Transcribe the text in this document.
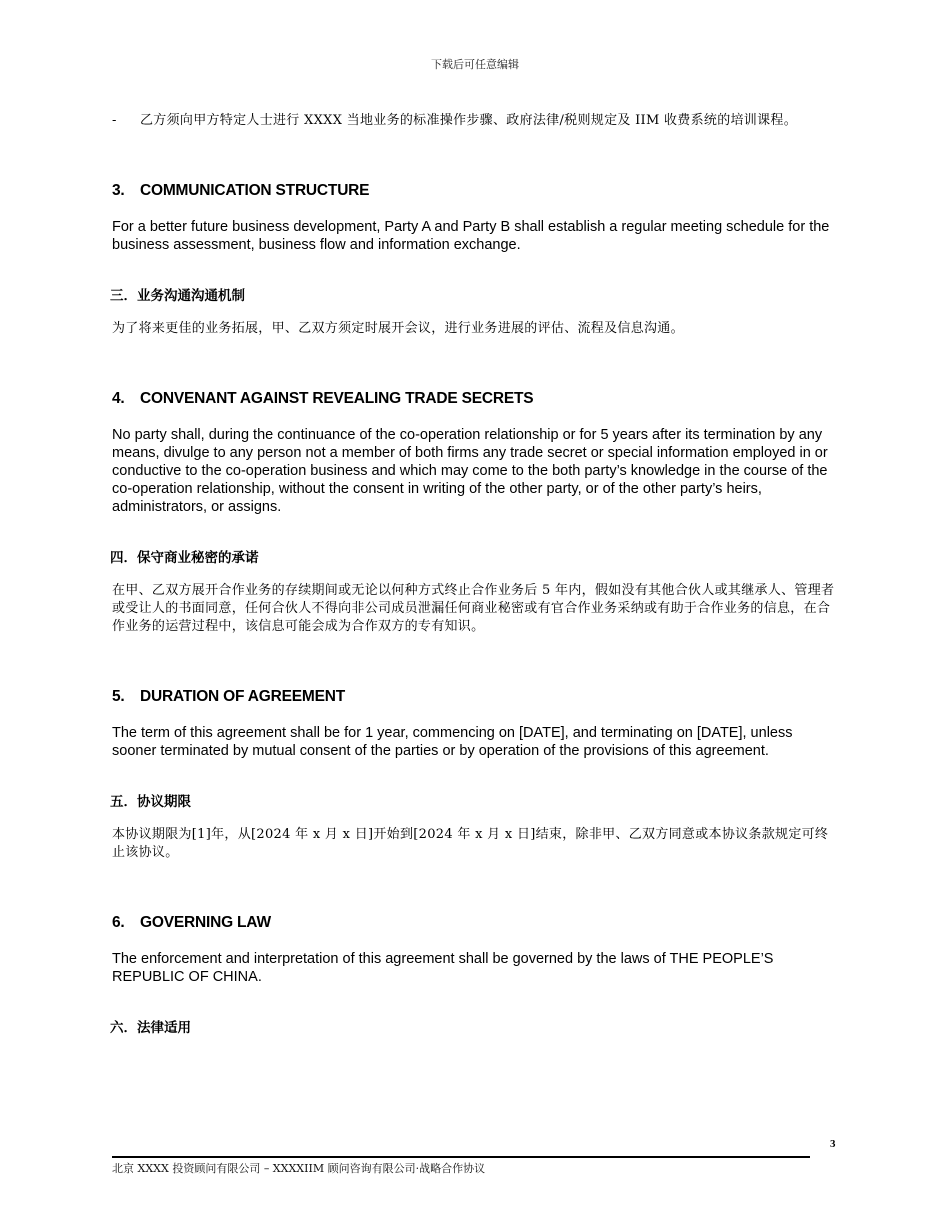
下载后可任意编辑
-	乙方须向甲方特定人士进行 XXXX 当地业务的标准操作步骤、政府法律/税则规定及 IIM 收费系统的培训课程。
3. COMMUNICATION STRUCTURE

For a better future business development, Party A and Party B shall establish a regular meeting schedule for the business assessment, business flow and information exchange.

三．业务沟通沟通机制

为了将来更佳的业务拓展，甲、乙双方须定时展开会议，进行业务进展的评估、流程及信息沟通。

4. CONVENANT AGAINST REVEALING TRADE SECRETS

No party shall, during the continuance of the co-operation relationship or for 5 years after its termination by any means, divulge to any person not a member of both firms any trade secret or special information employed in or conductive to the co-operation business and which may come to the both party’s knowledge in the course of the co-operation relationship, without the consent in writing of the other party, or of the other party’s heirs, administrators, or assigns.

四．保守商业秘密的承诺

在甲、乙双方展开合作业务的存续期间或无论以何种方式终止合作业务后 5 年内，假如没有其他合伙人或其继承人、管理者或受让人的书面同意，任何合伙人不得向非公司成员泄漏任何商业秘密或有官合作业务采纳或有助于合作业务的信息，在合作业务的运营过程中，该信息可能会成为合作双方的专有知识。

5. DURATION OF AGREEMENT

The term of this agreement shall be for 1 year, commencing on [DATE], and terminating on [DATE], unless sooner terminated by mutual consent of the parties or by operation of the provisions of this agreement.

五．协议期限

本协议期限为[1]年，从[2024 年 x 月 x 日]开始到[2024 年 x 月 x 日]结束，除非甲、乙双方同意或本协议条款规定可终止该协议。

6. GOVERNING LAW

The enforcement and interpretation of this agreement shall be governed by the laws of THE PEOPLE’S REPUBLIC OF CHINA.

六．法律适用
3
北京 XXXX 投资顾问有限公司 – XXXXIIM 顾问咨询有限公司·战略合作协议
